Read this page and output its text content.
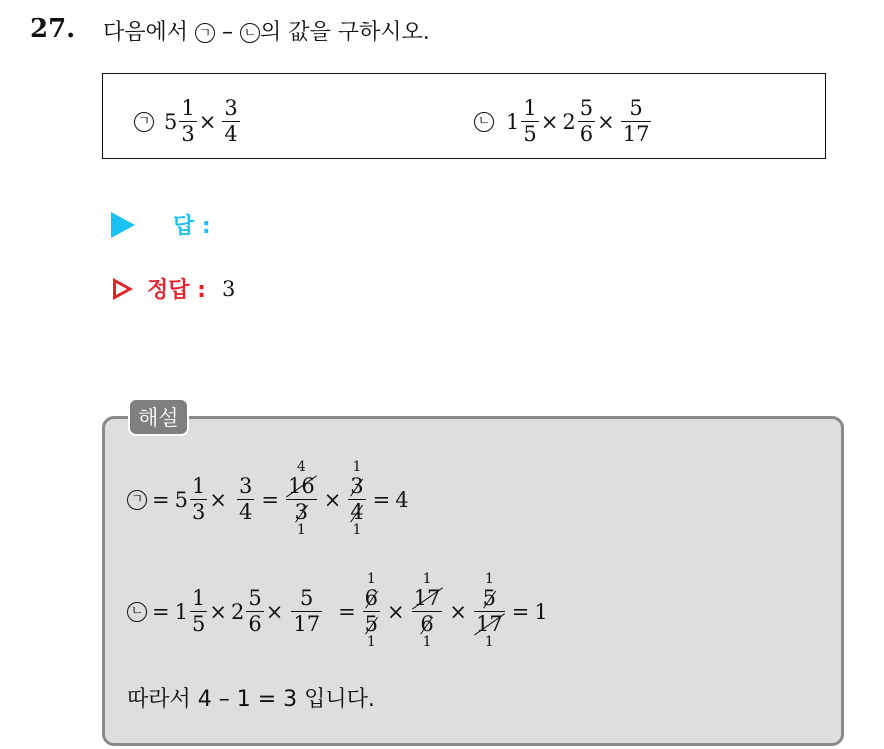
27. 다음에서 ㄱ – ㄴ 의 값을 구하시오.
ㄱ $5 \frac{1}{3} \times \frac{3}{4}$	ㄴ $1 \frac{1}{5} \times 2 \frac{5}{6} \times \frac{5}{17}$
답 :
정답 : 3
해설
ㄱ = $5 \frac{1}{3} \times \frac{3}{4}$ =
4
$\frac{16}{3}$
1
×
1
$\frac{3}{4}$
1
= 4
ㄴ = $1 \frac{1}{5} \times 2 \frac{5}{6} \times \frac{5}{17}$ =
1
$\frac{6}{5}$
1
×
1
$\frac{17}{6}$
1
×
1
$\frac{5}{17}$
1
= 1
따라서 4 – 1 = 3 입니다.
